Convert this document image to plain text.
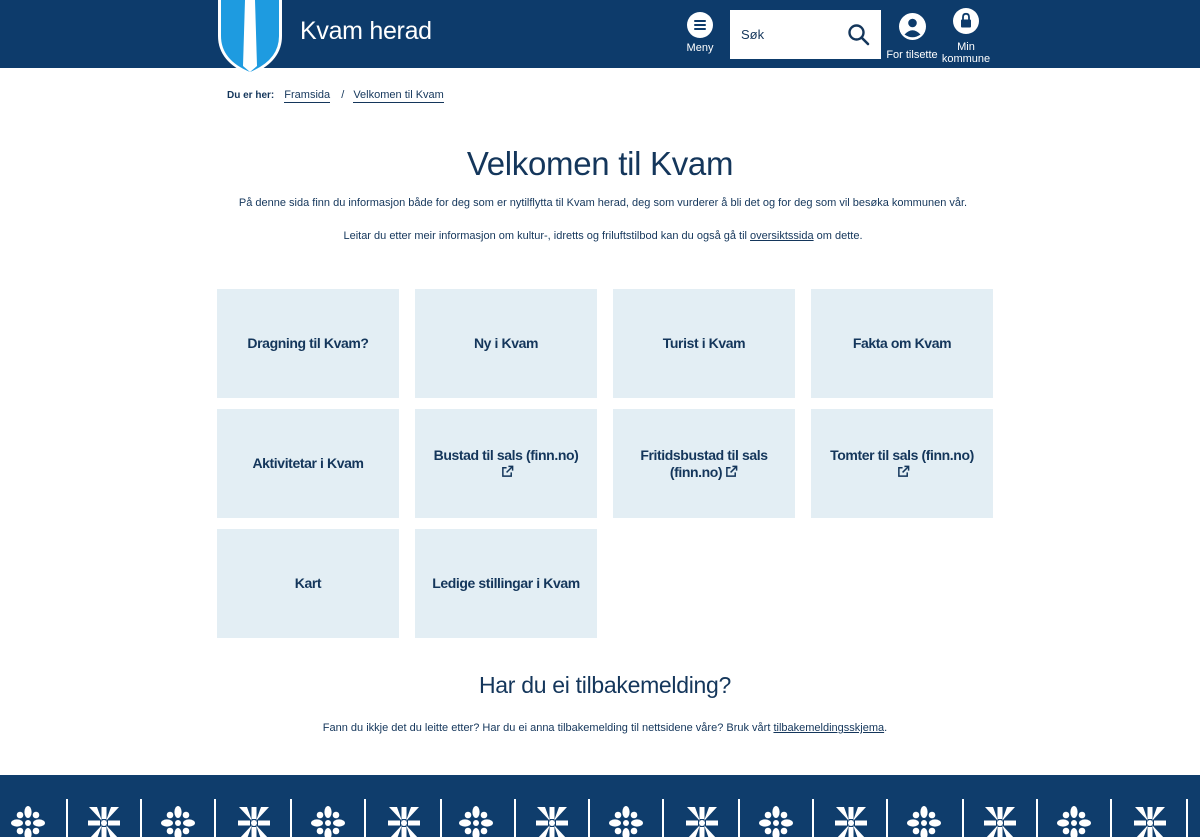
Kvam herad
Meny
Søk
For tilsette
Min
kommune
Du er her: Framsida / Velkomen til Kvam
Velkomen til Kvam

På denne sida finn du informasjon både for deg som er nytilflytta til Kvam herad, deg som vurderer å bli det og for deg som vil besøka kommunen vår.

Leitar du etter meir informasjon om kultur-, idretts og friluftstilbod kan du også gå til oversiktssida om dette.

Dragning til Kvam?	Ny i Kvam	Turist i Kvam	Fakta om Kvam
Aktivitetar i Kvam
Bustad til sals (finn.no)	Fritidsbustad til sals (finn.no)
Tomter til sals (finn.no)
Kart	Ledige stillingar i Kvam
Har du ei tilbakemelding?

Fann du ikkje det du leitte etter? Har du ei anna tilbakemelding til nettsidene våre? Bruk vårt tilbakemeldingsskjema.
